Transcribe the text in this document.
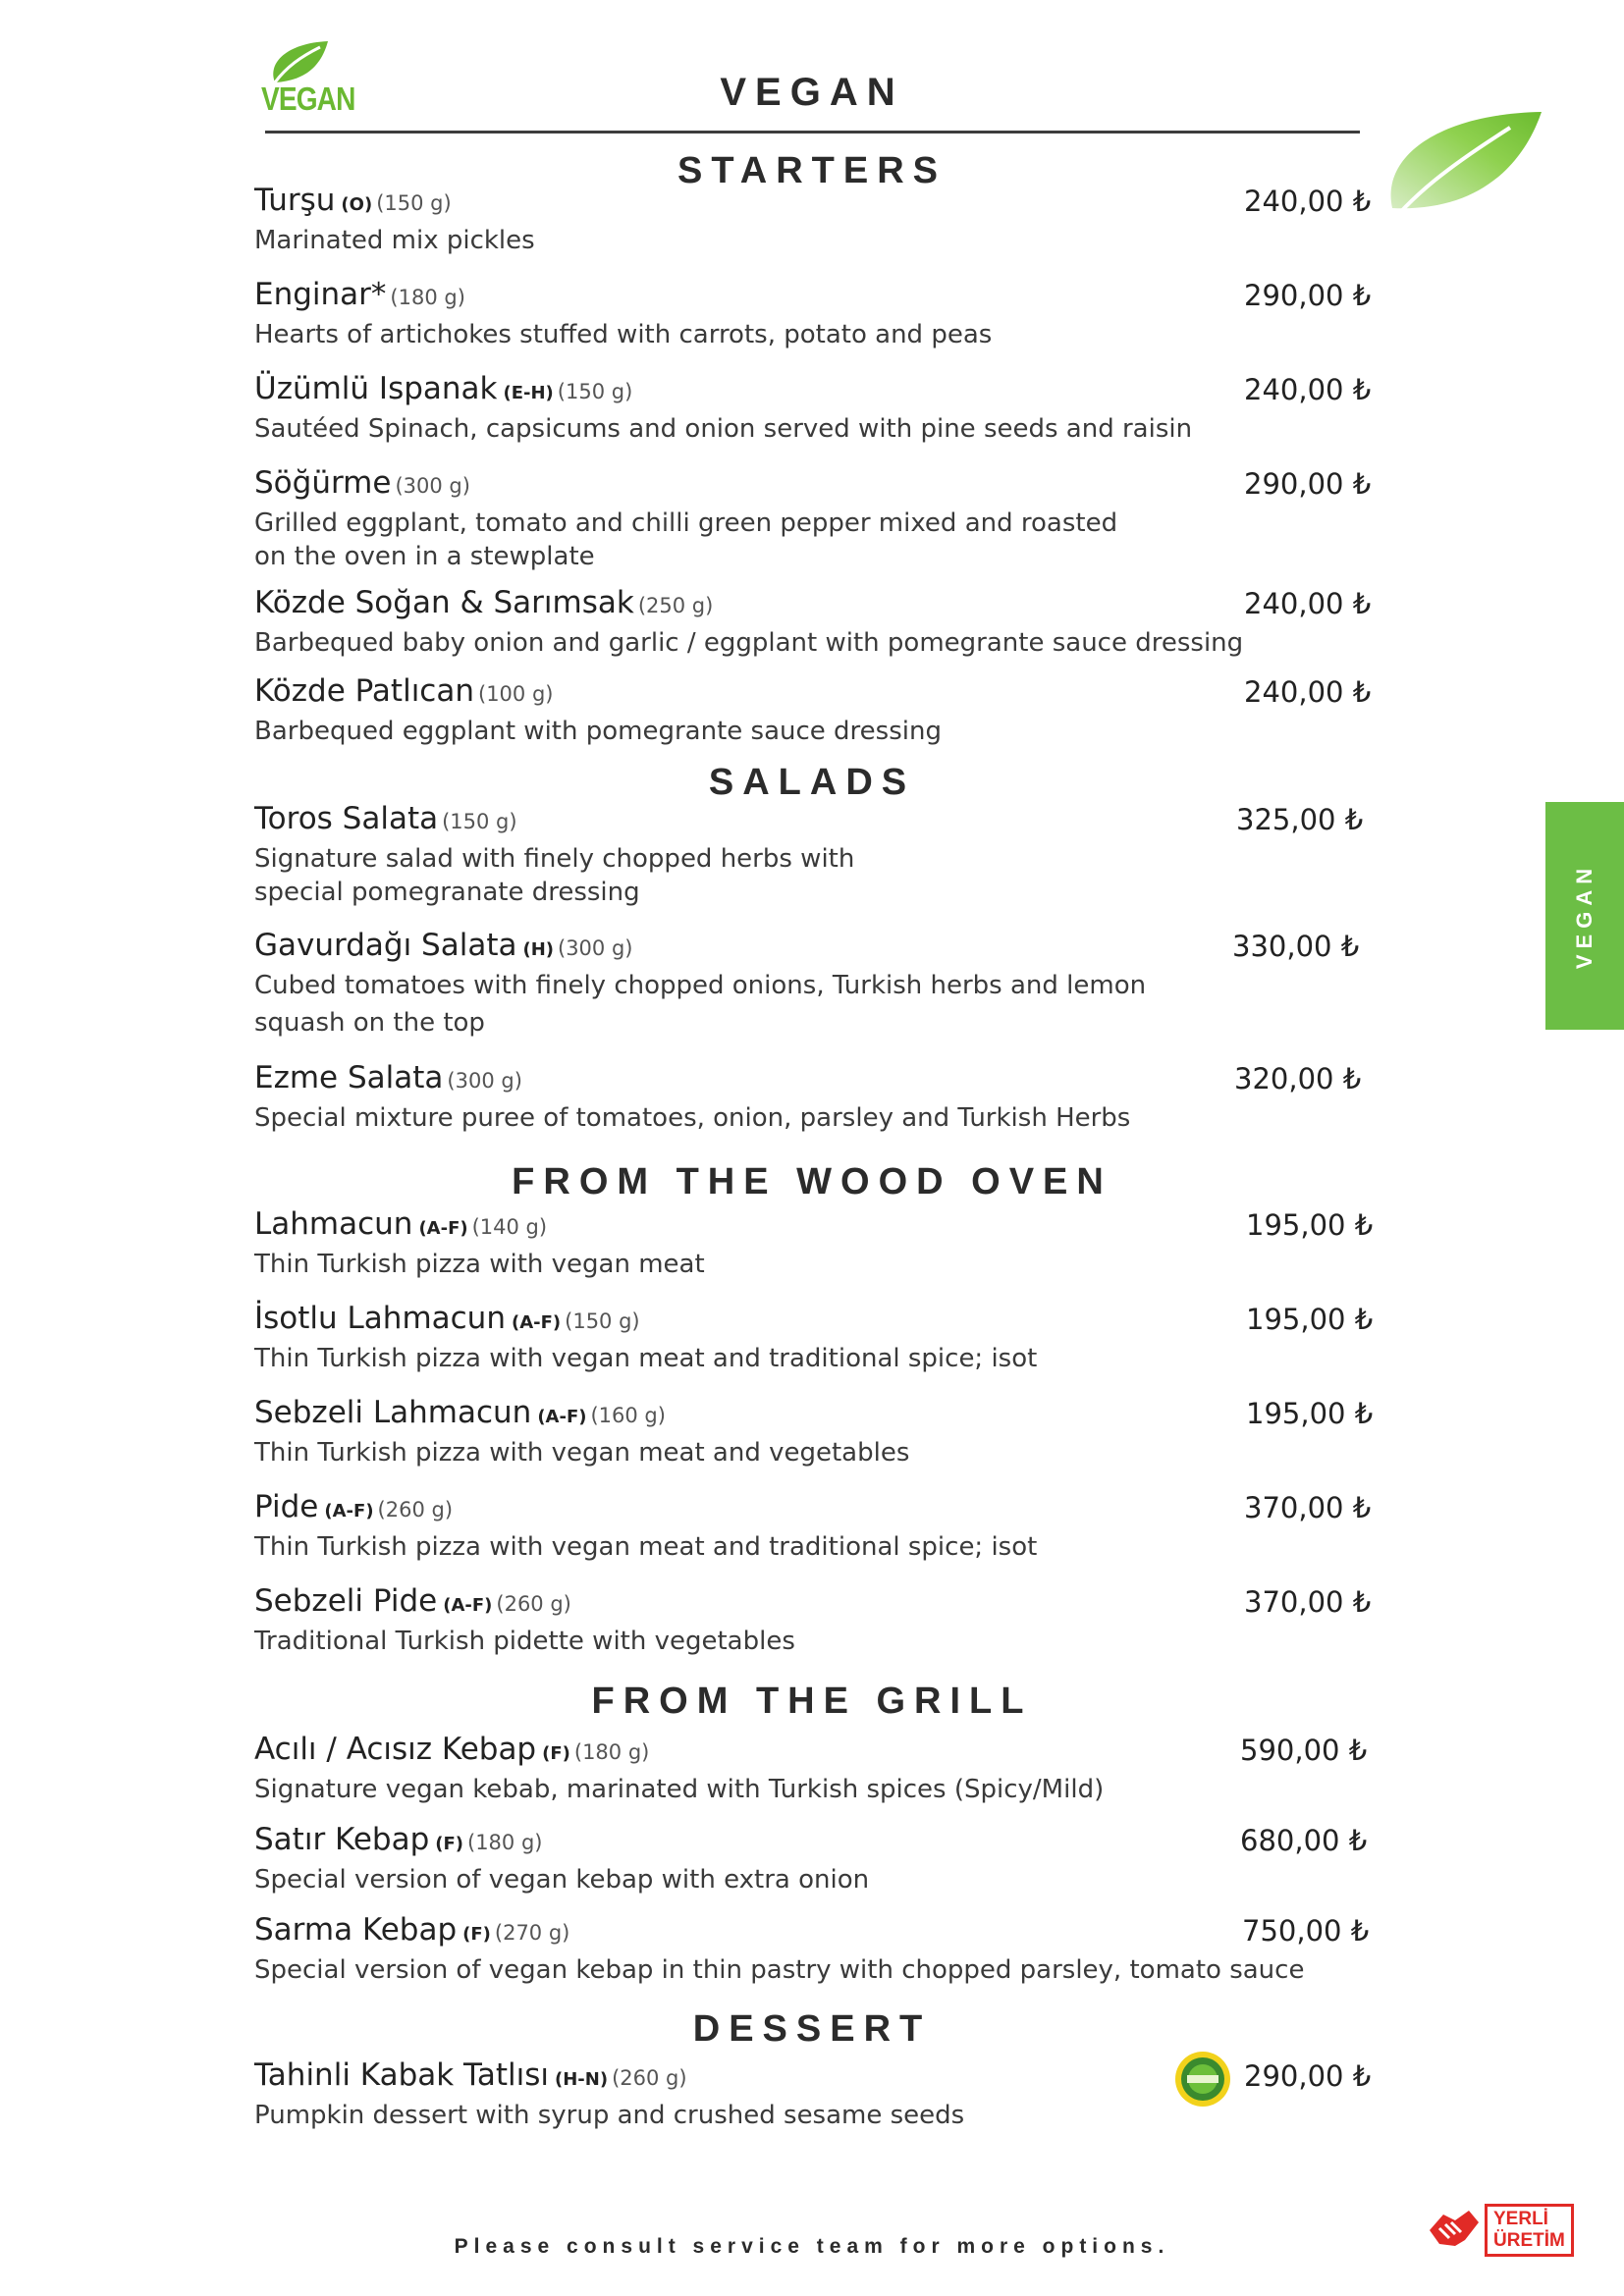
VEGAN	VEGAN
VEGAN
STARTERS
Turşu (O) (150 g)	240,00 ₺
Marinated mix pickles
Enginar* (180 g)	290,00 ₺
Hearts of artichokes stuffed with carrots, potato and peas
Üzümlü Ispanak (E-H) (150 g)	240,00 ₺
Sautéed Spinach, capsicums and onion served with pine seeds and raisin
Söğürme (300 g)	290,00 ₺
Grilled eggplant, tomato and chilli green pepper mixed and roasted
on the oven in a stewplate
Közde Soğan & Sarımsak (250 g)	240,00 ₺
Barbequed baby onion and garlic / eggplant with pomegrante sauce dressing
Közde Patlıcan (100 g)	240,00 ₺
Barbequed eggplant with pomegrante sauce dressing
SALADS
Toros Salata (150 g)	325,00 ₺
Signature salad with finely chopped herbs with
special pomegranate dressing
Gavurdağı Salata (H) (300 g)	330,00 ₺
Cubed tomatoes with finely chopped onions, Turkish herbs and lemon
squash on the top
Ezme Salata (300 g)	320,00 ₺
Special mixture puree of tomatoes, onion, parsley and Turkish Herbs
FROM THE WOOD OVEN
Lahmacun (A-F) (140 g)	195,00 ₺
Thin Turkish pizza with vegan meat
İsotlu Lahmacun (A-F) (150 g)	195,00 ₺
Thin Turkish pizza with vegan meat and traditional spice; isot
Sebzeli Lahmacun (A-F) (160 g)	195,00 ₺
Thin Turkish pizza with vegan meat and vegetables
Pide (A-F) (260 g)	370,00 ₺
Thin Turkish pizza with vegan meat and traditional spice; isot
Sebzeli Pide (A-F) (260 g)	370,00 ₺
Traditional Turkish pidette with vegetables
FROM THE GRILL
Acılı / Acısız Kebap (F) (180 g)	590,00 ₺
Signature vegan kebab, marinated with Turkish spices (Spicy/Mild)
Satır Kebap (F) (180 g)	680,00 ₺
Special version of vegan kebap with extra onion
Sarma Kebap (F) (270 g)	750,00 ₺
Special version of vegan kebap in thin pastry with chopped parsley, tomato sauce
DESSERT
Tahinli Kabak Tatlısı (H-N) (260 g)	290,00 ₺
Pumpkin dessert with syrup and crushed sesame seeds
Please consult service team for more options.
YERLİ
ÜRETİM
